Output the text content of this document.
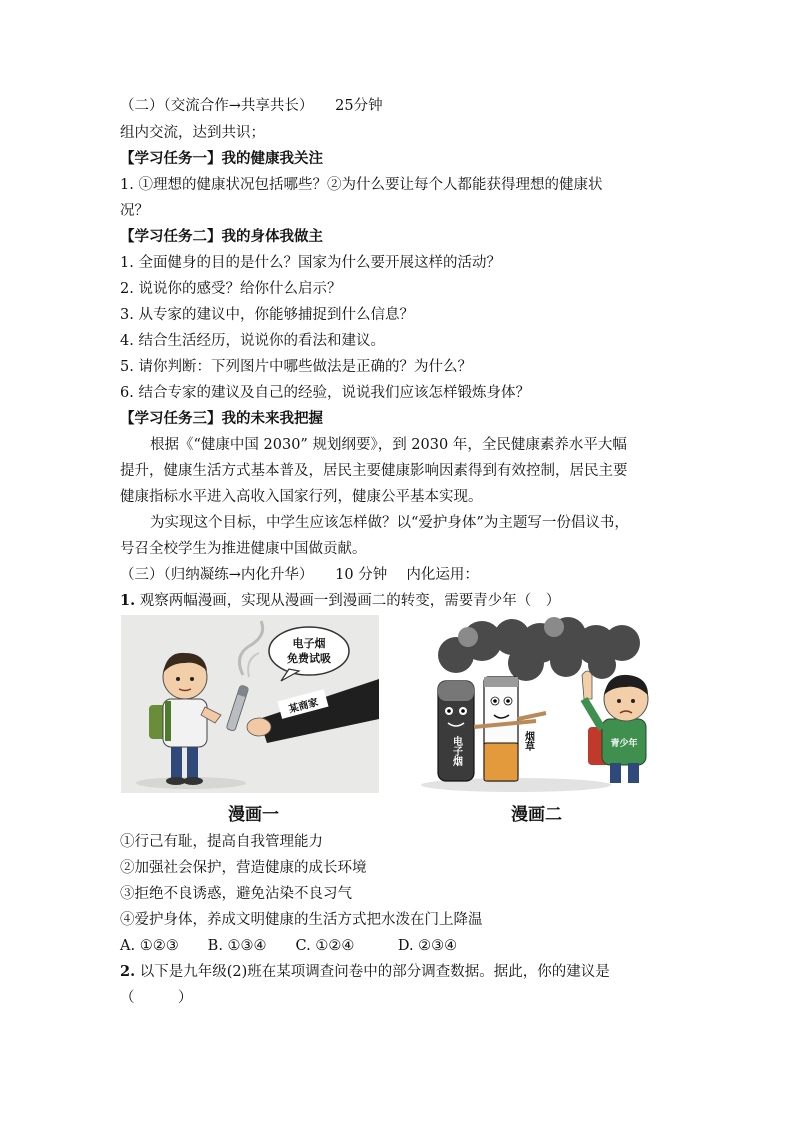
（二）（交流合作→共享共长）　　25分钟
组内交流，达到共识；
【学习任务一】我的健康我关注
1. ①理想的健康状况包括哪些？②为什么要让每个人都能获得理想的健康状
况？
【学习任务二】我的身体我做主
1. 全面健身的目的是什么？国家为什么要开展这样的活动？
2. 说说你的感受？给你什么启示？
3. 从专家的建议中，你能够捕捉到什么信息？
4. 结合生活经历，说说你的看法和建议。
5. 请你判断：下列图片中哪些做法是正确的？为什么？
6. 结合专家的建议及自己的经验，说说我们应该怎样锻炼身体？
【学习任务三】我的未来我把握
根据《“健康中国 2030” 规划纲要》，到 2030 年，全民健康素养水平大幅
提升，健康生活方式基本普及，居民主要健康影响因素得到有效控制，居民主要
健康指标水平进入高收入国家行列，健康公平基本实现。
为实现这个目标，中学生应该怎样做？以“爱护身体”为主题写一份倡议书，
号召全校学生为推进健康中国做贡献。
（三）（归纳凝练→内化升华）　　10 分钟　 内化运用：
1. 观察两幅漫画，实现从漫画一到漫画二的转变，需要青少年（　）
某商家
电子烟
免费试吸
电子烟	烟草	青少年
漫画一	漫画二
①行己有耻，提高自我管理能力
②加强社会保护，营造健康的成长环境
③拒绝不良诱惑，避免沾染不良习气
④爱护身体，养成文明健康的生活方式把水泼在门上降温
A. ①②③　　B. ①③④　　C. ①②④　　　D. ②③④
2. 以下是九年级(2)班在某项调查问卷中的部分调查数据。据此，你的建议是
（　　　）
